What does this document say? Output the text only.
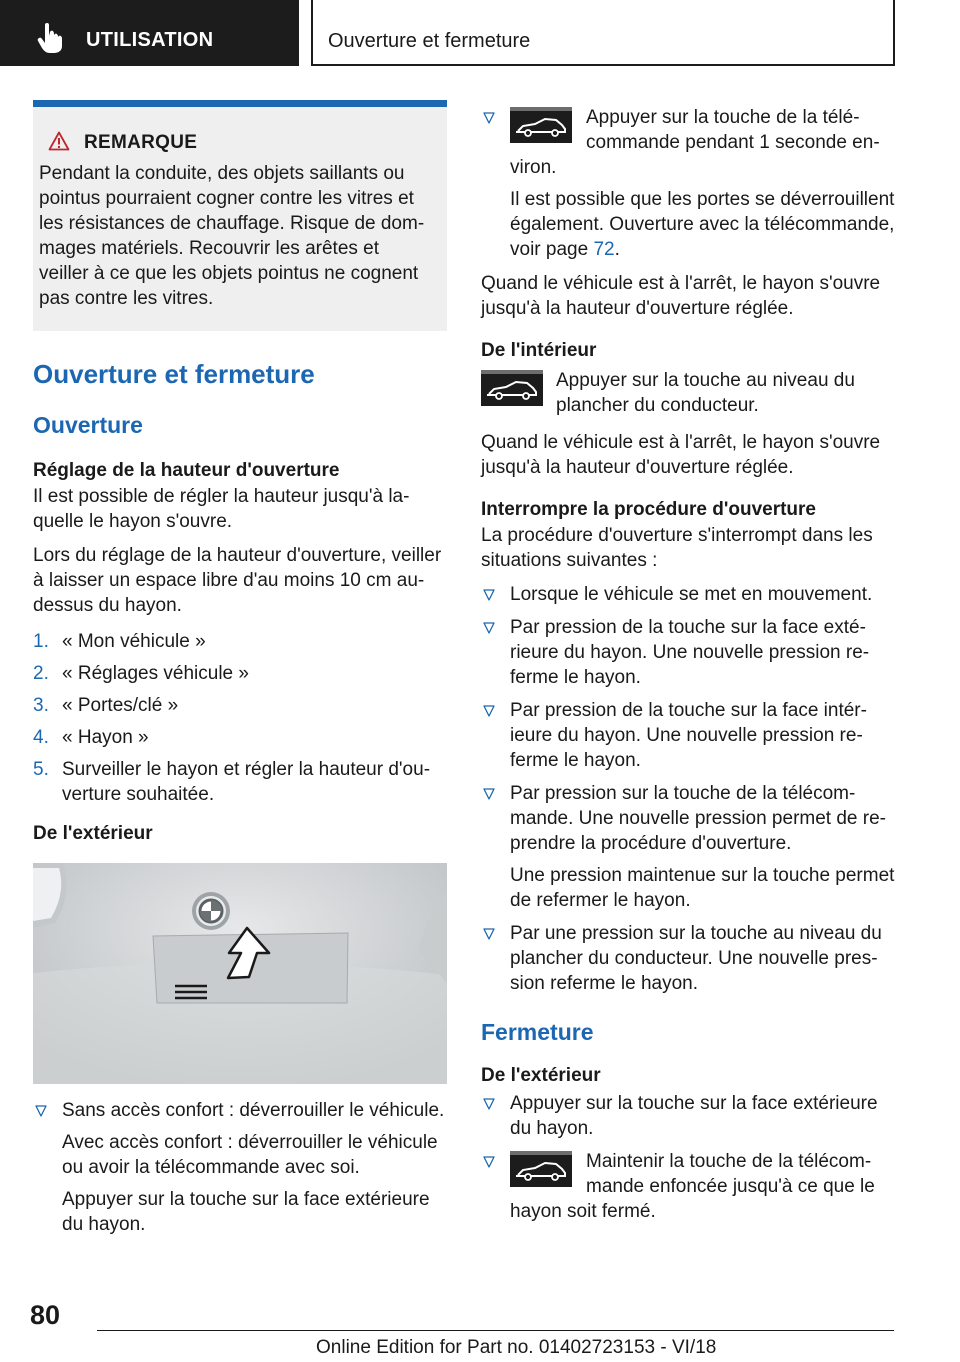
UTILISATION	Ouverture et fermeture
REMARQUE

Pendant la conduite, des objets saillants ou pointus pourraient cogner contre les vitres et les résistances de chauffage. Risque de dommages matériels. Recouvrir les arêtes et veiller à ce que les objets pointus ne cognent pas contre les vitres.

Ouverture et fermeture
Ouverture
Réglage de la hauteur d'ouverture

Il est possible de régler la hauteur jusqu'à laquelle le hayon s'ouvre.

Lors du réglage de la hauteur d'ouverture, veiller à laisser un espace libre d'au moins 10 cm au-dessus du hayon.

1. « Mon véhicule »
2. « Réglages véhicule »
3. « Portes/clé »
4. « Hayon »
5. Surveiller le hayon et régler la hauteur d'ouverture souhaitée.
De l'extérieur

Sans accès confort : déverrouiller le véhicule.

Avec accès confort : déverrouiller le véhicule ou avoir la télécommande avec soi.

Appuyer sur la touche sur la face extérieure du hayon.

Appuyer sur la touche de la télécommande pendant 1 seconde environ.

Il est possible que les portes se déverrouillent également. Ouverture avec la télécommande, voir page 72.

Quand le véhicule est à l'arrêt, le hayon s'ouvre jusqu'à la hauteur d'ouverture réglée.

De l'intérieur

Appuyer sur la touche au niveau du plancher du conducteur.

Quand le véhicule est à l'arrêt, le hayon s'ouvre jusqu'à la hauteur d'ouverture réglée.

Interrompre la procédure d'ouverture

La procédure d'ouverture s'interrompt dans les situations suivantes :

Lorsque le véhicule se met en mouvement.

Par pression de la touche sur la face extérieure du hayon. Une nouvelle pression referme le hayon.

Par pression de la touche sur la face intérieure du hayon. Une nouvelle pression referme le hayon.

Par pression sur la touche de la télécommande. Une nouvelle pression permet de reprendre la procédure d'ouverture.

Une pression maintenue sur la touche permet de refermer le hayon.

Par une pression sur la touche au niveau du plancher du conducteur. Une nouvelle pression referme le hayon.

Fermeture
De l'extérieur

Appuyer sur la touche sur la face extérieure du hayon.

Maintenir la touche de la télécommande enfoncée jusqu'à ce que le hayon soit fermé.

80
Online Edition for Part no. 01402723153 - VI/18
